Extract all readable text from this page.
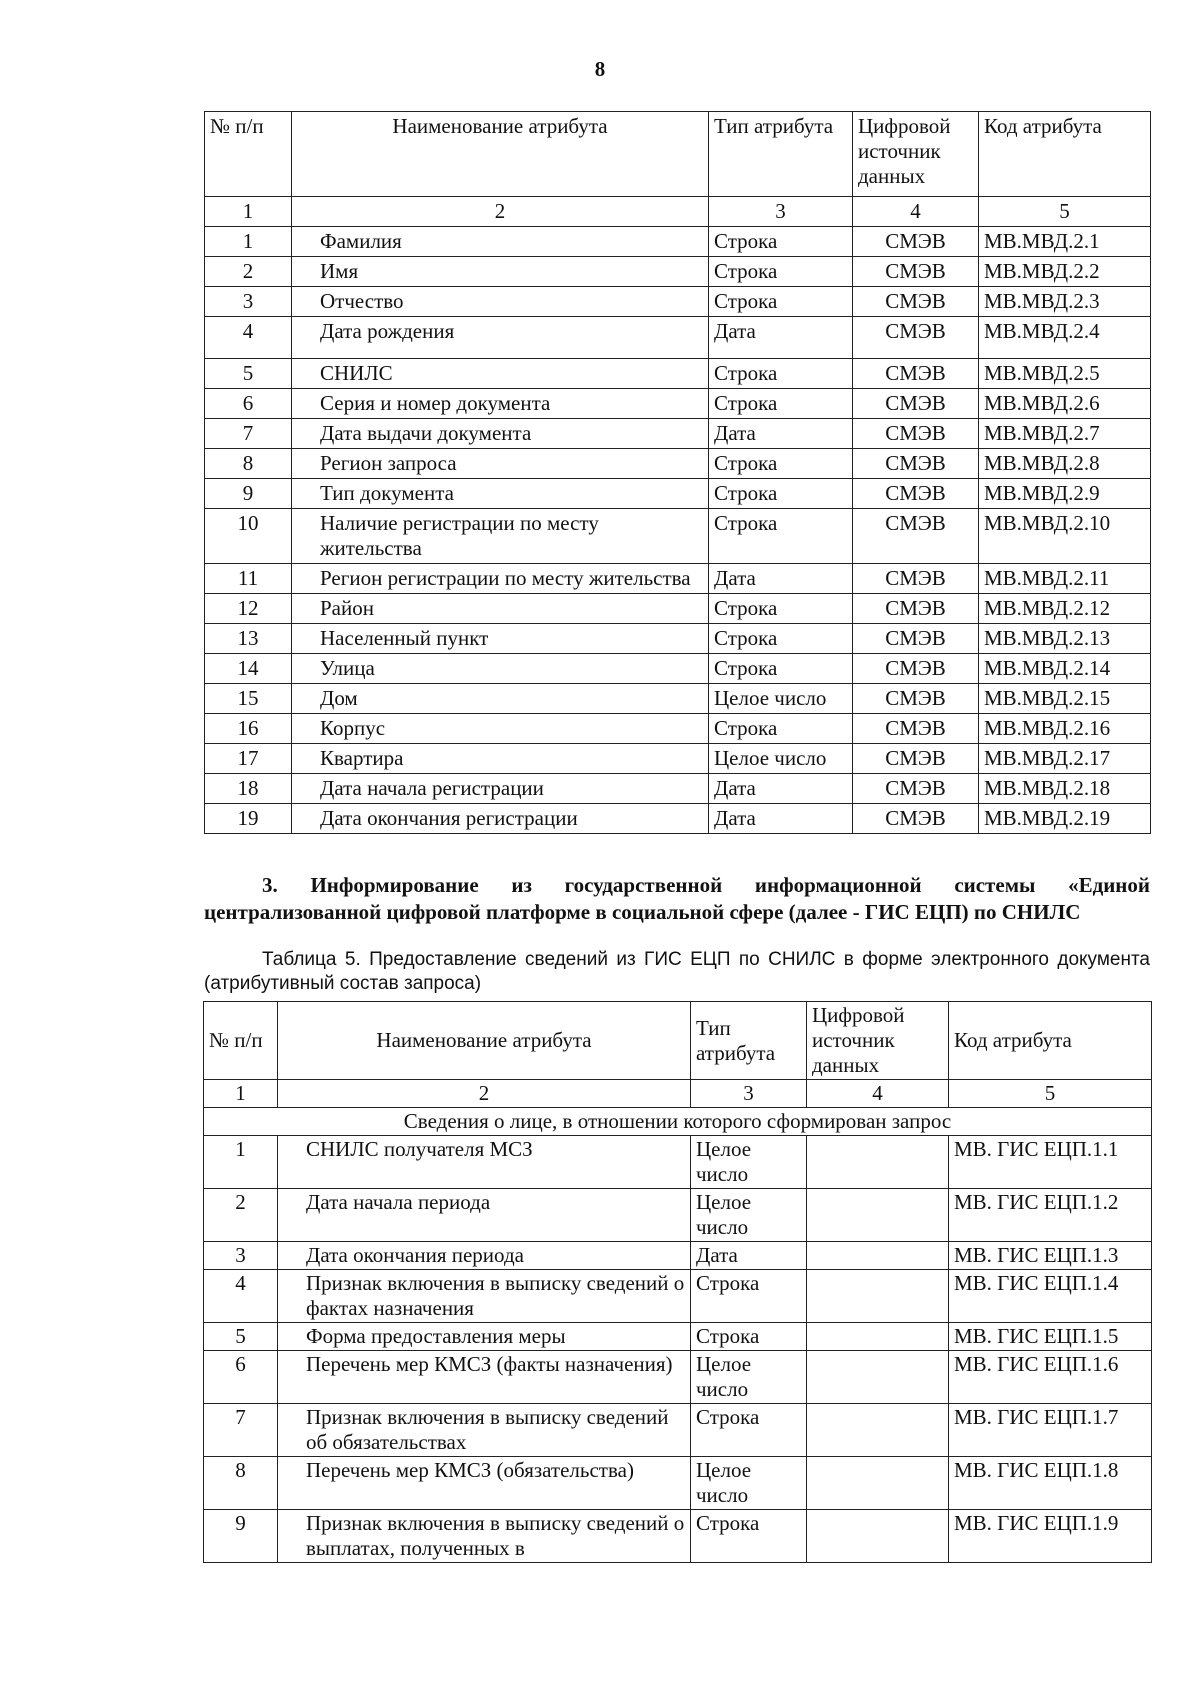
8
№ п/п	Наименование атрибута	Тип атрибута	Цифровой источник данных	Код атрибута
1	2	3	4	5
1	Фамилия	Строка	СМЭВ	МВ.МВД.2.1
2	Имя	Строка	СМЭВ	МВ.МВД.2.2
3	Отчество	Строка	СМЭВ	МВ.МВД.2.3
4	Дата рождения	Дата	СМЭВ	МВ.МВД.2.4
5	СНИЛС	Строка	СМЭВ	МВ.МВД.2.5
6	Серия и номер документа	Строка	СМЭВ	МВ.МВД.2.6
7	Дата выдачи документа	Дата	СМЭВ	МВ.МВД.2.7
8	Регион запроса	Строка	СМЭВ	МВ.МВД.2.8
9	Тип документа	Строка	СМЭВ	МВ.МВД.2.9
10	Наличие регистрации по месту жительства	Строка	СМЭВ	МВ.МВД.2.10
11	Регион регистрации по месту жительства	Дата	СМЭВ	МВ.МВД.2.11
12	Район	Строка	СМЭВ	МВ.МВД.2.12
13	Населенный пункт	Строка	СМЭВ	МВ.МВД.2.13
14	Улица	Строка	СМЭВ	МВ.МВД.2.14
15	Дом	Целое число	СМЭВ	МВ.МВД.2.15
16	Корпус	Строка	СМЭВ	МВ.МВД.2.16
17	Квартира	Целое число	СМЭВ	МВ.МВД.2.17
18	Дата начала регистрации	Дата	СМЭВ	МВ.МВД.2.18
19	Дата окончания регистрации	Дата	СМЭВ	МВ.МВД.2.19
3. Информирование из государственной информационной системы «Единой централизованной цифровой платформе в социальной сфере (далее - ГИС ЕЦП) по СНИЛС
Таблица 5. Предоставление сведений из ГИС ЕЦП по СНИЛС в форме электронного документа (атрибутивный состав запроса)
№ п/п	Наименование атрибута	Тип атрибута	Цифровой источник данных	Код атрибута
1	2	3	4	5
Сведения о лице, в отношении которого сформирован запрос				
1	СНИЛС получателя МСЗ	Целое число		МВ. ГИС ЕЦП.1.1
2	Дата начала периода	Целое число		МВ. ГИС ЕЦП.1.2
3	Дата окончания периода	Дата		МВ. ГИС ЕЦП.1.3
4	Признак включения в выписку сведений о фактах назначения	Строка		МВ. ГИС ЕЦП.1.4
5	Форма предоставления меры	Строка		МВ. ГИС ЕЦП.1.5
6	Перечень мер КМСЗ (факты назначения)	Целое число		МВ. ГИС ЕЦП.1.6
7	Признак включения в выписку сведений об обязательствах	Строка		МВ. ГИС ЕЦП.1.7
8	Перечень мер КМСЗ (обязательства)	Целое число		МВ. ГИС ЕЦП.1.8
9	Признак включения в выписку сведений о выплатах, полученных в	Строка		МВ. ГИС ЕЦП.1.9
